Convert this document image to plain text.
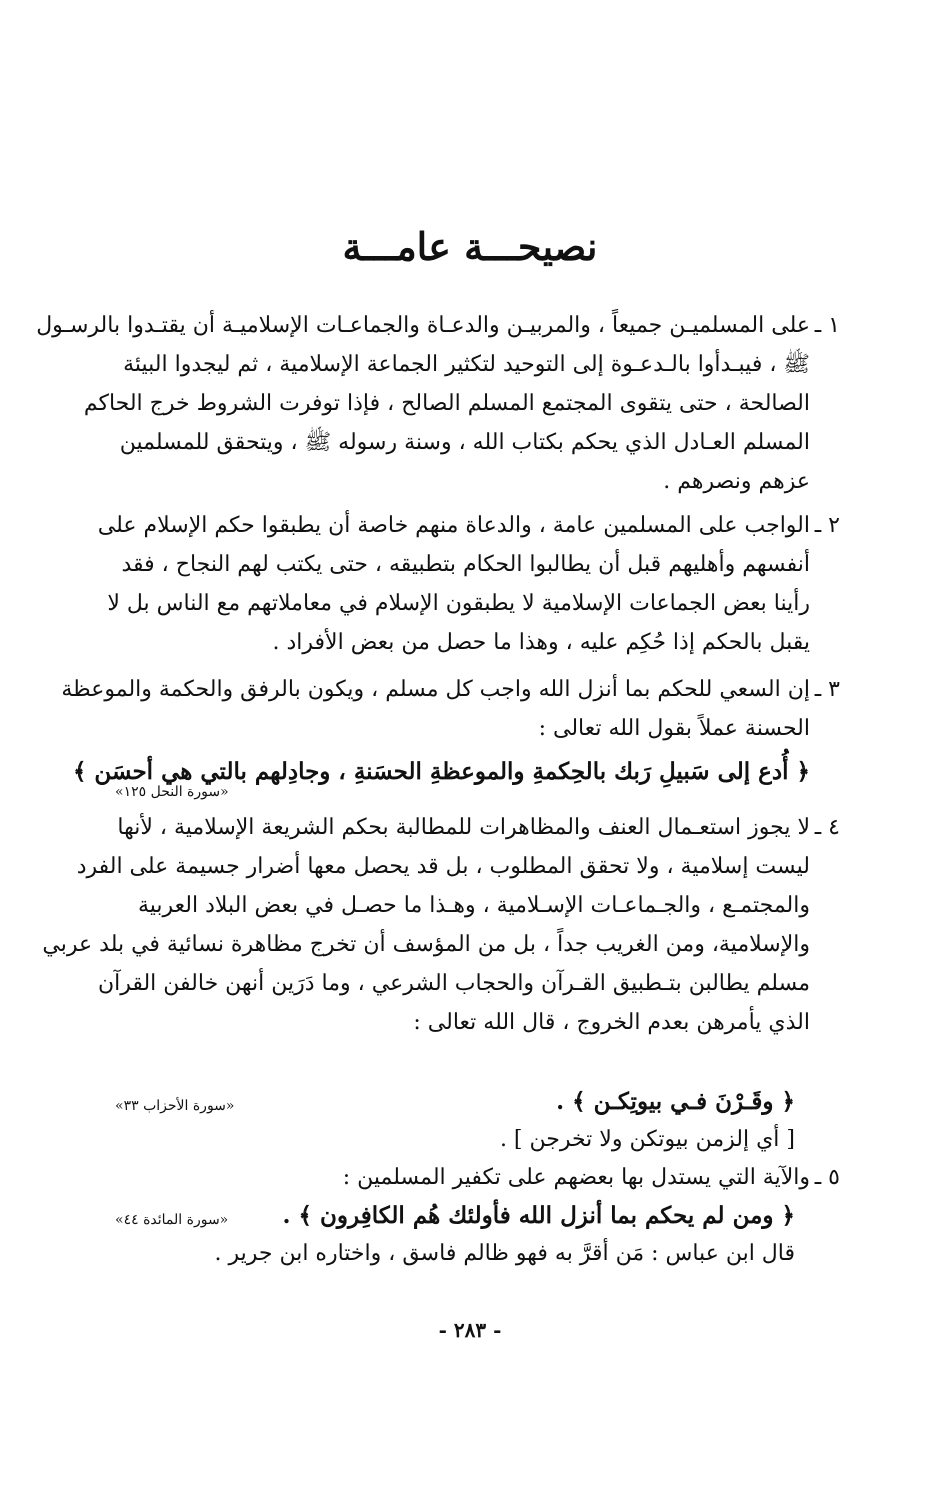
نصيحـــة عامـــة
١ ـ
على المسلميـن جميعاً ، والمربيـن والدعـاة والجماعـات الإسلاميـة أن يقتـدوا بالرسـول
ﷺ ، فيبـدأوا بالـدعـوة إلى التوحيد لتكثير الجماعة الإسلامية ، ثم ليجدوا البيئة
الصالحة ، حتى يتقوى المجتمع المسلم الصالح ، فإذا توفرت الشروط خرج الحاكم
المسلم العـادل الذي يحكم بكتاب الله ، وسنة رسوله ﷺ ، ويتحقق للمسلمين
عزهم ونصرهم .
٢ ـ
الواجب على المسلمين عامة ، والدعاة منهم خاصة أن يطبقوا حكم الإسلام على
أنفسهم وأهليهم قبل أن يطالبوا الحكام بتطبيقه ، حتى يكتب لهم النجاح ، فقد
رأينا بعض الجماعات الإسلامية لا يطبقون الإسلام في معاملاتهم مع الناس بل لا
يقبل بالحكم إذا حُكِم عليه ، وهذا ما حصل من بعض الأفراد .
٣ ـ
إن السعي للحكم بما أنزل الله واجب كل مسلم ، ويكون بالرفق والحكمة والموعظة
الحسنة عملاً بقول الله تعالى :
﴿ أُدع إلى سَبيلِ رَبك بالحِكمةِ والموعظةِ الحسَنةِ ، وجادِلهم بالتي هي أحسَن ﴾
«سورة النحل ١٢٥»
٤ ـ
لا يجوز استعـمال العنف والمظاهرات للمطالبة بحكم الشريعة الإسلامية ، لأنها
ليست إسلامية ، ولا تحقق المطلوب ، بل قد يحصل معها أضرار جسيمة على الفرد
والمجتمـع ، والجـماعـات الإسـلامية ، وهـذا ما حصـل في بعض البلاد العربية
والإسلامية، ومن الغريب جداً ، بل من المؤسف أن تخرج مظاهرة نسائية في بلد عربي
مسلم يطالبن بتـطبيق القـرآن والحجاب الشرعي ، وما دَرَين أنهن خالفن القرآن
الذي يأمرهن بعدم الخروج ، قال الله تعالى :
﴿ وقَـرْنَ فـي بيوتِكـن ﴾ .
«سورة الأحزاب ٣٣»
[ أي إلزمن بيوتكن ولا تخرجن ] .
٥ ـ
والآية التي يستدل بها بعضهم على تكفير المسلمين :
﴿ ومن لم يحكم بما أنزل الله فأولئك هُم الكافِرون ﴾ .
«سورة المائدة ٤٤»
قال ابن عباس : مَن أقرَّ به فهو ظالم فاسق ، واختاره ابن جرير .
- ٢٨٣ -
